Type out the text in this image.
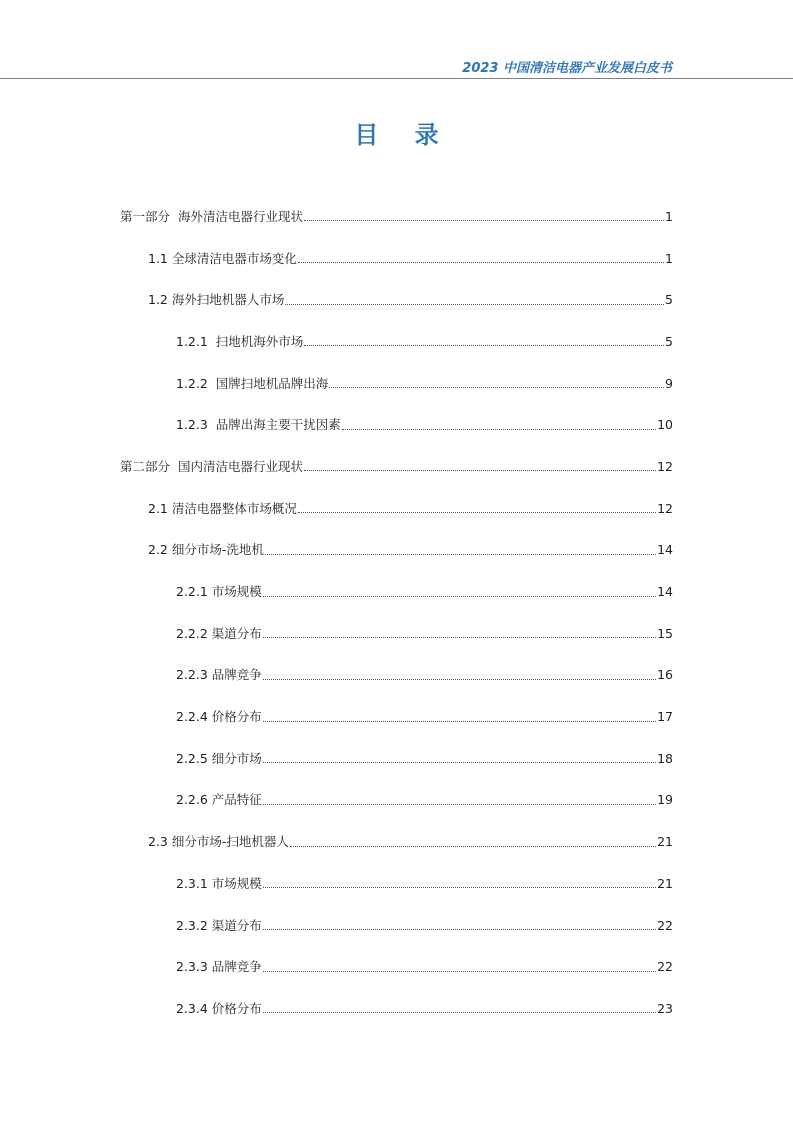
2023 中国清洁电器产业发展白皮书
目 录
第一部分  海外清洁电器行业现状	1
1.1 全球清洁电器市场变化	1
1.2 海外扫地机器人市场	5
1.2.1  扫地机海外市场	5
1.2.2  国牌扫地机品牌出海	9
1.2.3  品牌出海主要干扰因素	10
第二部分  国内清洁电器行业现状	12
2.1 清洁电器整体市场概况	12
2.2 细分市场-洗地机	14
2.2.1 市场规模	14
2.2.2 渠道分布	15
2.2.3 品牌竞争	16
2.2.4 价格分布	17
2.2.5 细分市场	18
2.2.6 产品特征	19
2.3 细分市场-扫地机器人	21
2.3.1 市场规模	21
2.3.2 渠道分布	22
2.3.3 品牌竞争	22
2.3.4 价格分布	23
